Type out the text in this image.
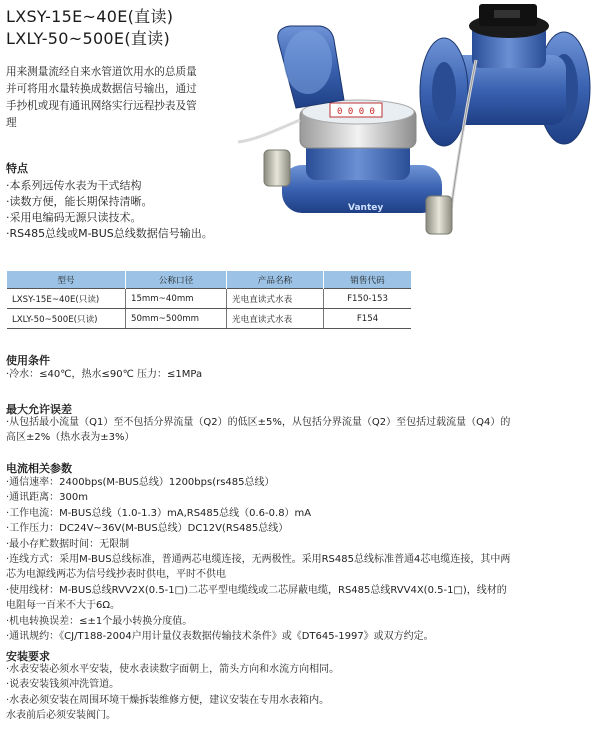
LXSY-15E~40E(直读)
LXLY-50~500E(直读)
用来测量流经自来水管道饮用水的总质量
并可将用水量转换成数据信号输出，通过
手抄机或现有通讯网络实行远程抄表及管
理
0 0 0 0
Vantey
特点
·本系列远传水表为干式结构
·读数方便，能长期保持清晰。
·采用电编码无源只读技术。
·RS485总线或M-BUS总线数据信号输出。
型号	公称口径	产品名称	销售代码
LXSY-15E~40E(只读)	15mm~40mm	光电直读式水表	F150-153
LXLY-50~500E(只读)	50mm~500mm	光电直读式水表	F154
使用条件
·冷水：≤40℃，热水≤90℃ 压力：≤1MPa
最大允许误差
·从包括最小流量（Q1）至不包括分界流量（Q2）的低区±5%，从包括分界流量（Q2）至包括过载流量（Q4）的
高区±2%（热水表为±3%）
电流相关参数
·通信速率：2400bps(M-BUS总线）1200bps(rs485总线）
·通讯距离：300m
·工作电流：M-BUS总线（1.0-1.3）mA,RS485总线（0.6-0.8）mA
·工作压力：DC24V~36V(M-BUS总线）DC12V(RS485总线）
·最小存贮数据时间：无限制
·连线方式：采用M-BUS总线标准，普通两芯电缆连接，无两极性。采用RS485总线标准普通4芯电缆连接，其中两
芯为电源线两芯为信号线抄表时供电，平时不供电
·使用线材：M-BUS总线RVV2X(0.5-1□)二芯平型电缆线或二芯屏蔽电缆，RS485总线RVV4X(0.5-1□)，线材的
电阻每一百米不大于6Ω。
·机电转换误差：≤±1个最小转换分度值。
·通讯规约：《CJ/T188-2004户用计量仪表数据传输技术条件》或《DT645-1997》或双方约定。
安装要求
·水表安装必须水平安装，使水表读数字面朝上，箭头方向和水流方向相同。
·说表安装钱须冲洗管道。
·水表必须安装在周围环境干燥拆装维修方便，建议安装在专用水表箱内。
水表前后必须安装阀门。
